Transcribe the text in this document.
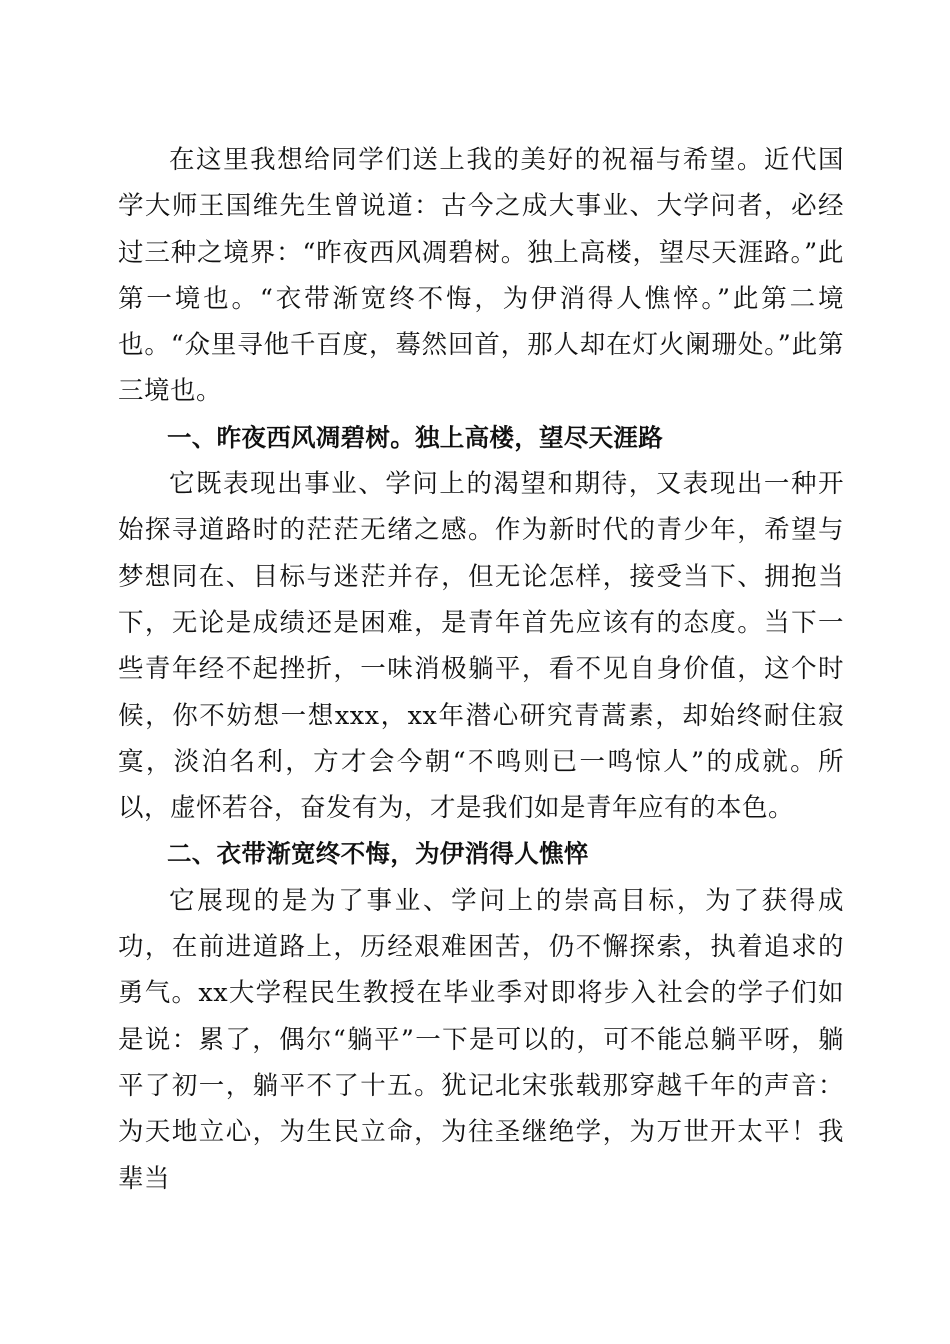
在这里我想给同学们送上我的美好的祝福与希望。近代国学大师王国维先生曾说道：古今之成大事业、大学问者，必经过三种之境界：“昨夜西风凋碧树。独上高楼，望尽天涯路。”此第一境也。“衣带渐宽终不悔，为伊消得人憔悴。”此第二境也。“众里寻他千百度，蓦然回首，那人却在灯火阑珊处。”此第三境也。

一、昨夜西风凋碧树。独上高楼，望尽天涯路

它既表现出事业、学问上的渴望和期待，又表现出一种开始探寻道路时的茫茫无绪之感。作为新时代的青少年，希望与梦想同在、目标与迷茫并存，但无论怎样，接受当下、拥抱当下，无论是成绩还是困难，是青年首先应该有的态度。当下一些青年经不起挫折，一味消极躺平，看不见自身价值，这个时候，你不妨想一想xxx，xx年潜心研究青蒿素，却始终耐住寂寞，淡泊名利，方才会今朝“不鸣则已一鸣惊人”的成就。所以，虚怀若谷，奋发有为，才是我们如是青年应有的本色。

二、衣带渐宽终不悔，为伊消得人憔悴

它展现的是为了事业、学问上的崇高目标，为了获得成功，在前进道路上，历经艰难困苦，仍不懈探索，执着追求的勇气。xx大学程民生教授在毕业季对即将步入社会的学子们如是说：累了，偶尔“躺平”一下是可以的，可不能总躺平呀，躺平了初一，躺平不了十五。犹记北宋张载那穿越千年的声音：为天地立心，为生民立命，为往圣继绝学，为万世开太平！我辈当
